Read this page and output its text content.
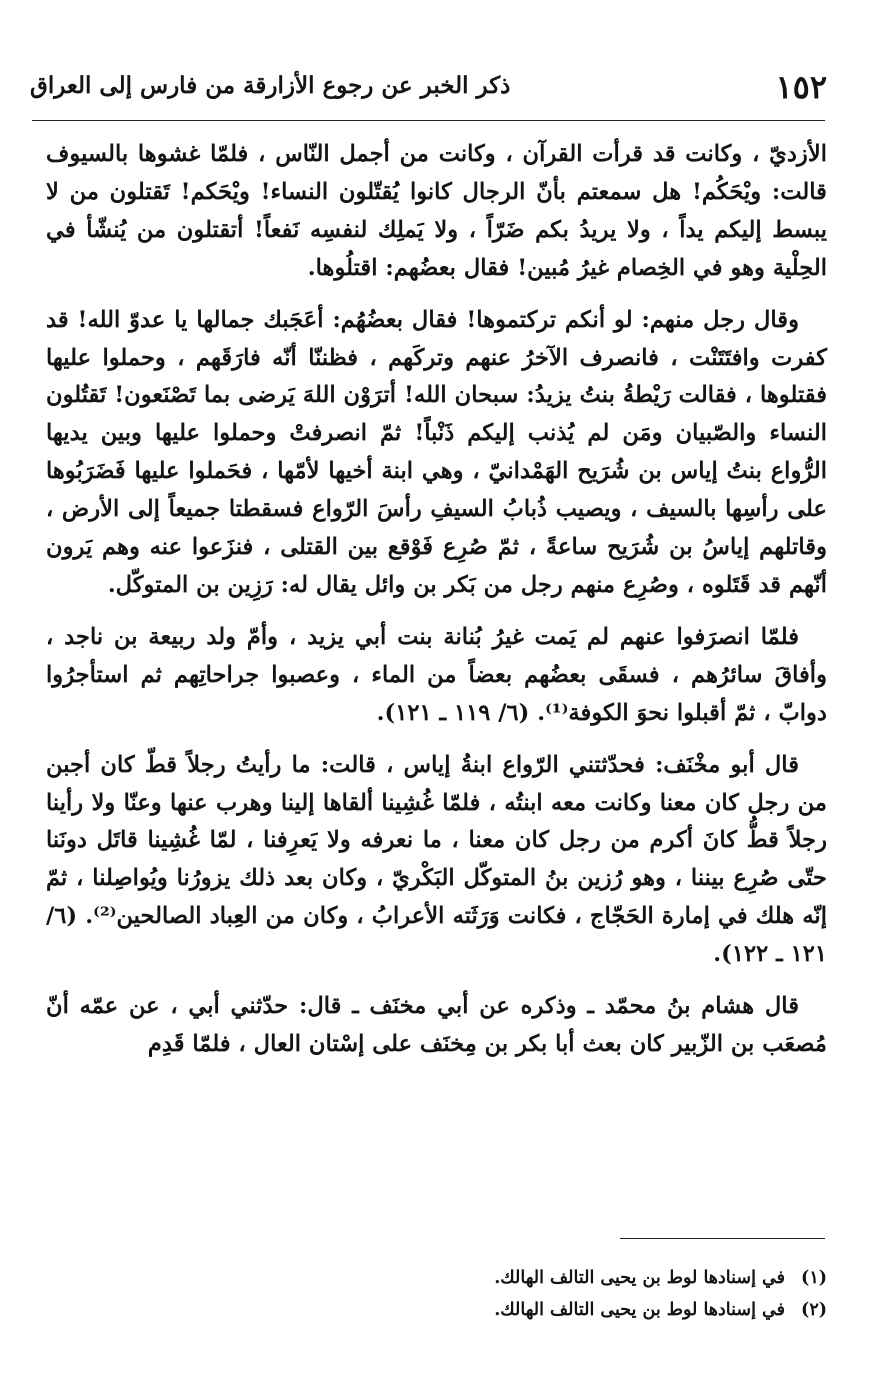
١٥٢
ذكر الخبر عن رجوع الأزارقة من فارس إلى العراق

الأزديّ ، وكانت قد قرأت القرآن ، وكانت من أجمل النّاس ، فلمّا غشوها بالسيوف قالت: ويْحَكُم! هل سمعتم بأنّ الرجال كانوا يُقتّلون النساء! ويْحَكم! تَقتلون من لا يبسط إليكم يداً ، ولا يريدُ بكم ضَرّاً ، ولا يَملِك لنفسِه نَفعاً! أتقتلون من يُنشّأ في الحِلْية وهو في الخِصام غيرُ مُبين! فقال بعضُهم: اقتلُوها.

وقال رجل منهم: لو أنكم تركتموها! فقال بعضُهُم: أعَجَبك جمالها يا عدوّ الله! قد كفرت وافتَتَنْت ، فانصرف الآخرُ عنهم وتركَهم ، فظننّا أنّه فارَقَهم ، وحملوا عليها فقتلوها ، فقالت رَيْطةُ بنتُ يزيدُ: سبحان الله! أترَوْن اللهَ يَرضى بما تَصْنَعون! تَقتُلون النساء والصّبيان ومَن لم يُذنب إليكم ذَنْباً! ثمّ انصرفتْ وحملوا عليها وبين يديها الرُّواع بنتُ إياس بن شُرَيح الهَمْدانيّ ، وهي ابنة أخيها لأمّها ، فحَملوا عليها فَضَرَبُوها على رأسِها بالسيف ، ويصيب ذُبابُ السيفِ رأسَ الرّواع فسقطتا جميعاً إلى الأرض ، وقاتلهم إياسُ بن شُرَيح ساعةً ، ثمّ صُرِع فَوْقع بين القتلى ، فنزَعوا عنه وهم يَرون أنّهم قد قَتَلوه ، وصُرِع منهم رجل من بَكر بن وائل يقال له: رَزِين بن المتوكّل.

فلمّا انصرَفوا عنهم لم يَمت غيرُ بُنانة بنت أبي يزيد ، وأمّ ولد ربيعة بن ناجد ، وأفاقَ سائرُهم ، فسقَى بعضُهم بعضاً من الماء ، وعصبوا جراحاتِهم ثم استأجرُوا دوابّ ، ثمّ أقبلوا نحوَ الكوفة⁽¹⁾. (٦/ ١١٩ ـ ١٢١).

قال أبو مخْنَف: فحدّثتني الرّواع ابنةُ إياس ، قالت: ما رأيتُ رجلاً قطّ كان أجبن من رجل كان معنا وكانت معه ابنتُه ، فلمّا غُشِينا ألقاها إلينا وهرب عنها وعنّا ولا رأينا رجلاً قطُّ كانَ أكرم من رجل كان معنا ، ما نعرفه ولا يَعرِفنا ، لمّا غُشِينا قاتَل دونَنا حتّى صُرِع بيننا ، وهو رُزين بنُ المتوكّل البَكْريّ ، وكان بعد ذلك يزورُنا ويُواصِلنا ، ثمّ إنّه هلك في إمارة الحَجّاج ، فكانت وَرَثَته الأعرابُ ، وكان من العِباد الصالحين⁽²⁾. (٦/ ١٢١ ـ ١٢٢).

قال هشام بنُ محمّد ـ وذكره عن أبي مخنَف ـ قال: حدّثني أبي ، عن عمّه أنّ مُصعَب بن الزّبير كان بعث أبا بكر بن مِخنَف على إسْتان العال ، فلمّا قَدِم

(١)
في إسنادها لوط بن يحيى التالف الهالك.
(٢)
في إسنادها لوط بن يحيى التالف الهالك.
